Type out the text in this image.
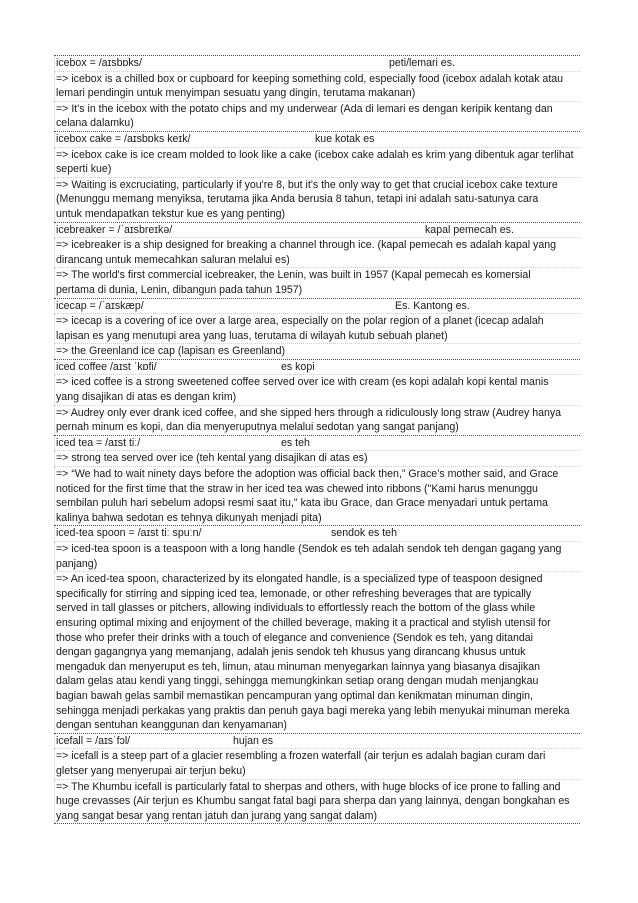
icebox = /aɪsbɒks/	peti/lemari es.
=> icebox is a chilled box or cupboard for keeping something cold, especially food (icebox adalah kotak atau
lemari pendingin untuk menyimpan sesuatu yang dingin, terutama makanan)
=> It's in the icebox with the potato chips and my underwear (Ada di lemari es dengan keripik kentang dan
celana dalamku)
icebox cake = /aɪsbɒks keɪk/	kue kotak es
=> icebox cake is ice cream molded to look like a cake (icebox cake adalah es krim yang dibentuk agar terlihat
seperti kue)
=> Waiting is excruciating, particularly if you're 8, but it's the only way to get that crucial icebox cake texture
(Menunggu memang menyiksa, terutama jika Anda berusia 8 tahun, tetapi ini adalah satu-satunya cara
untuk mendapatkan tekstur kue es yang penting)
icebreaker = /ˈaɪsbreɪkə/	kapal pemecah es.
=> icebreaker is a ship designed for breaking a channel through ice. (kapal pemecah es adalah kapal yang
dirancang untuk memecahkan saluran melalui es)
=> The world's first commercial icebreaker, the Lenin, was built in 1957 (Kapal pemecah es komersial
pertama di dunia, Lenin, dibangun pada tahun 1957)
icecap = /ˈaɪskæp/	Es. Kantong es.
=> icecap is a covering of ice over a large area, especially on the polar region of a planet (icecap adalah
lapisan es yang menutupi area yang luas, terutama di wilayah kutub sebuah planet)
=> the Greenland ice cap (lapisan es Greenland)
iced coffee /aɪst ˈkɒfi/	es kopi
=> iced coffee is a strong sweetened coffee served over ice with cream (es kopi adalah kopi kental manis
yang disajikan di atas es dengan krim)
=> Audrey only ever drank iced coffee, and she sipped hers through a ridiculously long straw (Audrey hanya
pernah minum es kopi, dan dia menyeruputnya melalui sedotan yang sangat panjang)
iced tea = /aɪst tiː/	es teh
=> strong tea served over ice (teh kental yang disajikan di atas es)
=> “We had to wait ninety days before the adoption was official back then,” Grace’s mother said, and Grace
noticed for the first time that the straw in her iced tea was chewed into ribbons ("Kami harus menunggu
sembilan puluh hari sebelum adopsi resmi saat itu," kata ibu Grace, dan Grace menyadari untuk pertama
kalinya bahwa sedotan es tehnya dikunyah menjadi pita)
iced-tea spoon = /aɪst tiː spuːn/	sendok es teh
=> iced-tea spoon is a teaspoon with a long handle (Sendok es teh adalah sendok teh dengan gagang yang
panjang)
=> An iced-tea spoon, characterized by its elongated handle, is a specialized type of teaspoon designed
specifically for stirring and sipping iced tea, lemonade, or other refreshing beverages that are typically
served in tall glasses or pitchers, allowing individuals to effortlessly reach the bottom of the glass while
ensuring optimal mixing and enjoyment of the chilled beverage, making it a practical and stylish utensil for
those who prefer their drinks with a touch of elegance and convenience (Sendok es teh, yang ditandai
dengan gagangnya yang memanjang, adalah jenis sendok teh khusus yang dirancang khusus untuk
mengaduk dan menyeruput es teh, limun, atau minuman menyegarkan lainnya yang biasanya disajikan
dalam gelas atau kendi yang tinggi, sehingga memungkinkan setiap orang dengan mudah menjangkau
bagian bawah gelas sambil memastikan pencampuran yang optimal dan kenikmatan minuman dingin,
sehingga menjadi perkakas yang praktis dan penuh gaya bagi mereka yang lebih menyukai minuman mereka
dengan sentuhan keanggunan dan kenyamanan)
icefall = /aɪsˈfɔl/	hujan es
=> icefall is a steep part of a glacier resembling a frozen waterfall (air terjun es adalah bagian curam dari
gletser yang menyerupai air terjun beku)
=> The Khumbu icefall is particularly fatal to sherpas and others, with huge blocks of ice prone to falling and
huge crevasses (Air terjun es Khumbu sangat fatal bagi para sherpa dan yang lainnya, dengan bongkahan es
yang sangat besar yang rentan jatuh dan jurang yang sangat dalam)
